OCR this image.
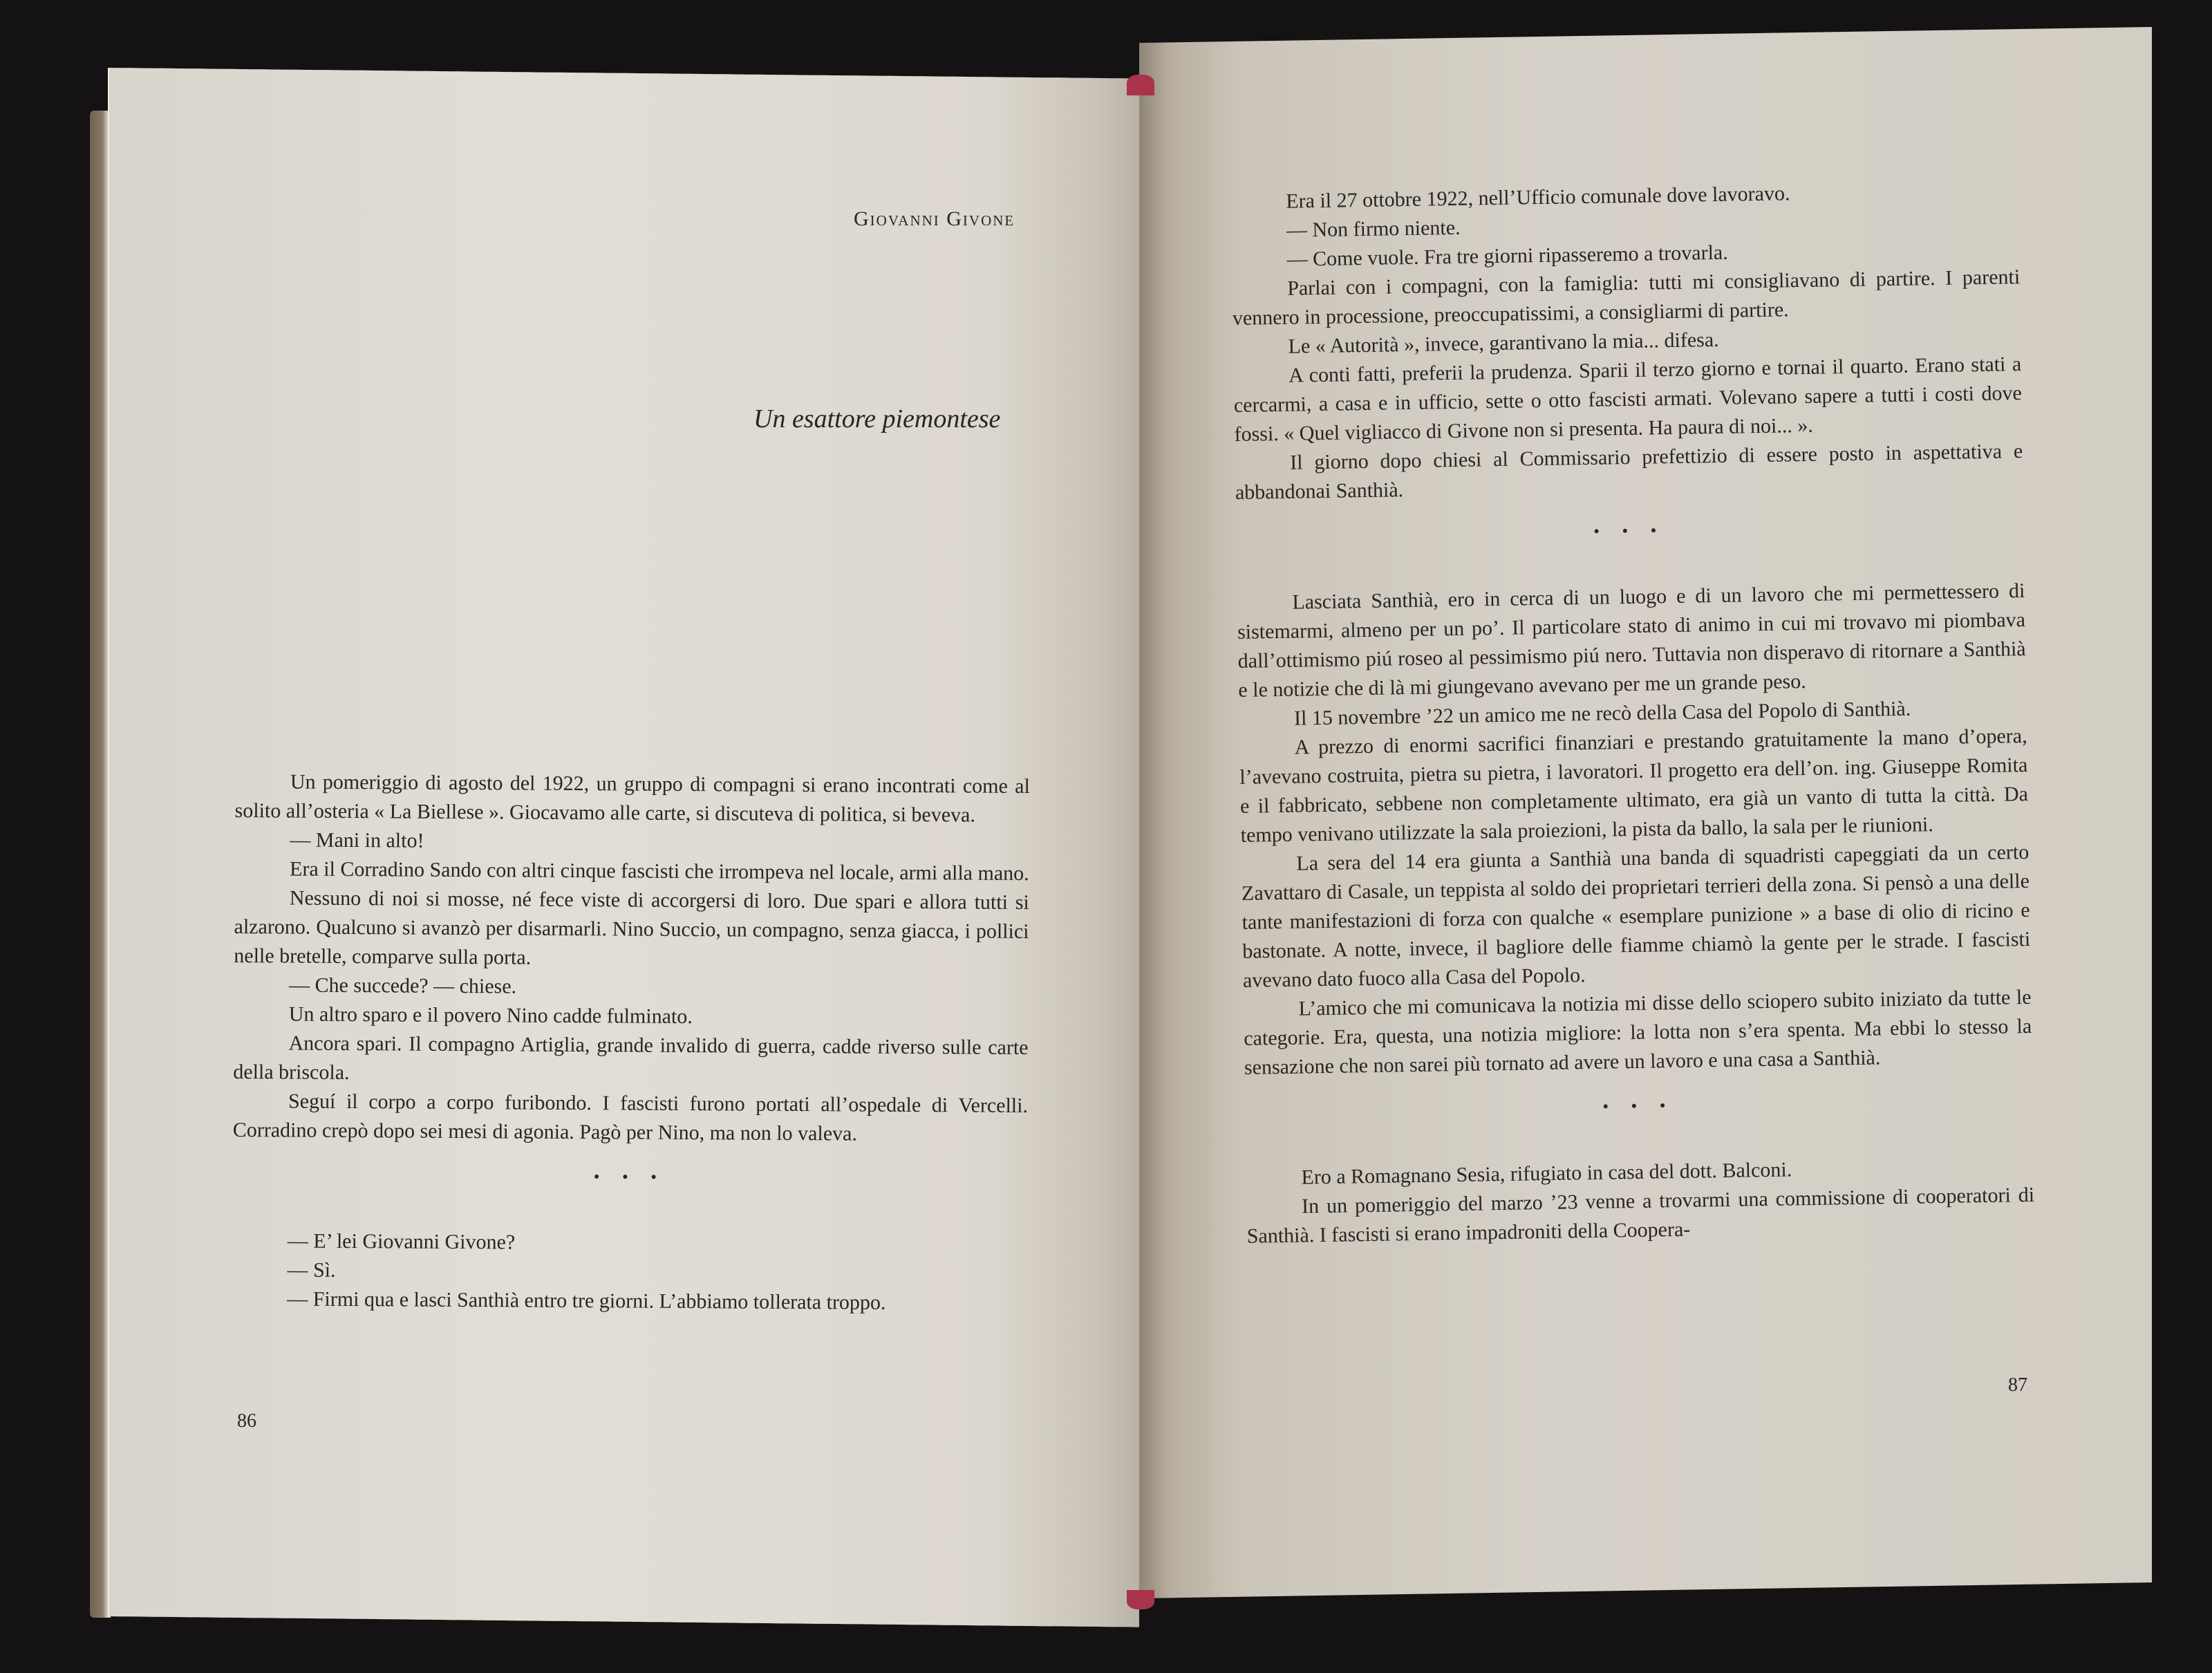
Giovanni Givone
Un esattore piemontese

Un pomeriggio di agosto del 1922, un gruppo di compagni si erano incontrati come al solito all’osteria « La Biellese ». Giocavamo alle carte, si discuteva di politica, si beveva.

— Mani in alto!

Era il Corradino Sando con altri cinque fascisti che irrompeva nel locale, armi alla mano.

Nessuno di noi si mosse, né fece viste di accorgersi di loro. Due spari e allora tutti si alzarono. Qualcuno si avanzò per disarmarli. Nino Succio, un compagno, senza giacca, i pollici nelle bretelle, comparve sulla porta.

— Che succede? — chiese.

Un altro sparo e il povero Nino cadde fulminato.

Ancora spari. Il compagno Artiglia, grande invalido di guerra, cadde riverso sulle carte della briscola.

Seguí il corpo a corpo furibondo. I fascisti furono portati all’ospedale di Vercelli. Corradino crepò dopo sei mesi di agonia. Pagò per Nino, ma non lo valeva.

• • •

— E’ lei Giovanni Givone?

— Sì.

— Firmi qua e lasci Santhià entro tre giorni. L’abbiamo tollerata troppo.

86

Era il 27 ottobre 1922, nell’Ufficio comunale dove lavoravo.

— Non firmo niente.

— Come vuole. Fra tre giorni ripasseremo a trovarla.

Parlai con i compagni, con la famiglia: tutti mi consigliavano di partire. I parenti vennero in processione, preoccupatissimi, a consigliarmi di partire.

Le « Autorità », invece, garantivano la mia... difesa.

A conti fatti, preferii la prudenza. Sparii il terzo giorno e tornai il quarto. Erano stati a cercarmi, a casa e in ufficio, sette o otto fascisti armati. Volevano sapere a tutti i costi dove fossi. « Quel vigliacco di Givone non si presenta. Ha paura di noi... ».

Il giorno dopo chiesi al Commissario prefettizio di essere posto in aspettativa e abbandonai Santhià.

• • •

Lasciata Santhià, ero in cerca di un luogo e di un lavoro che mi permettessero di sistemarmi, almeno per un po’. Il particolare stato di animo in cui mi trovavo mi piombava dall’ottimismo piú roseo al pessimismo piú nero. Tuttavia non disperavo di ritornare a Santhià e le notizie che di là mi giungevano avevano per me un grande peso.

Il 15 novembre ’22 un amico me ne recò della Casa del Popolo di Santhià.

A prezzo di enormi sacrifici finanziari e prestando gratuitamente la mano d’opera, l’avevano costruita, pietra su pietra, i lavoratori. Il progetto era dell’on. ing. Giuseppe Romita e il fabbricato, sebbene non completamente ultimato, era già un vanto di tutta la città. Da tempo venivano utilizzate la sala proiezioni, la pista da ballo, la sala per le riunioni.

La sera del 14 era giunta a Santhià una banda di squadristi capeggiati da un certo Zavattaro di Casale, un teppista al soldo dei proprietari terrieri della zona. Si pensò a una delle tante manifestazioni di forza con qualche « esemplare punizione » a base di olio di ricino e bastonate. A notte, invece, il bagliore delle fiamme chiamò la gente per le strade. I fascisti avevano dato fuoco alla Casa del Popolo.

L’amico che mi comunicava la notizia mi disse dello sciopero subito iniziato da tutte le categorie. Era, questa, una notizia migliore: la lotta non s’era spenta. Ma ebbi lo stesso la sensazione che non sarei più tornato ad avere un lavoro e una casa a Santhià.

• • •

Ero a Romagnano Sesia, rifugiato in casa del dott. Balconi.

In un pomeriggio del marzo ’23 venne a trovarmi una commissione di cooperatori di Santhià. I fascisti si erano impadroniti della Coopera-

87
